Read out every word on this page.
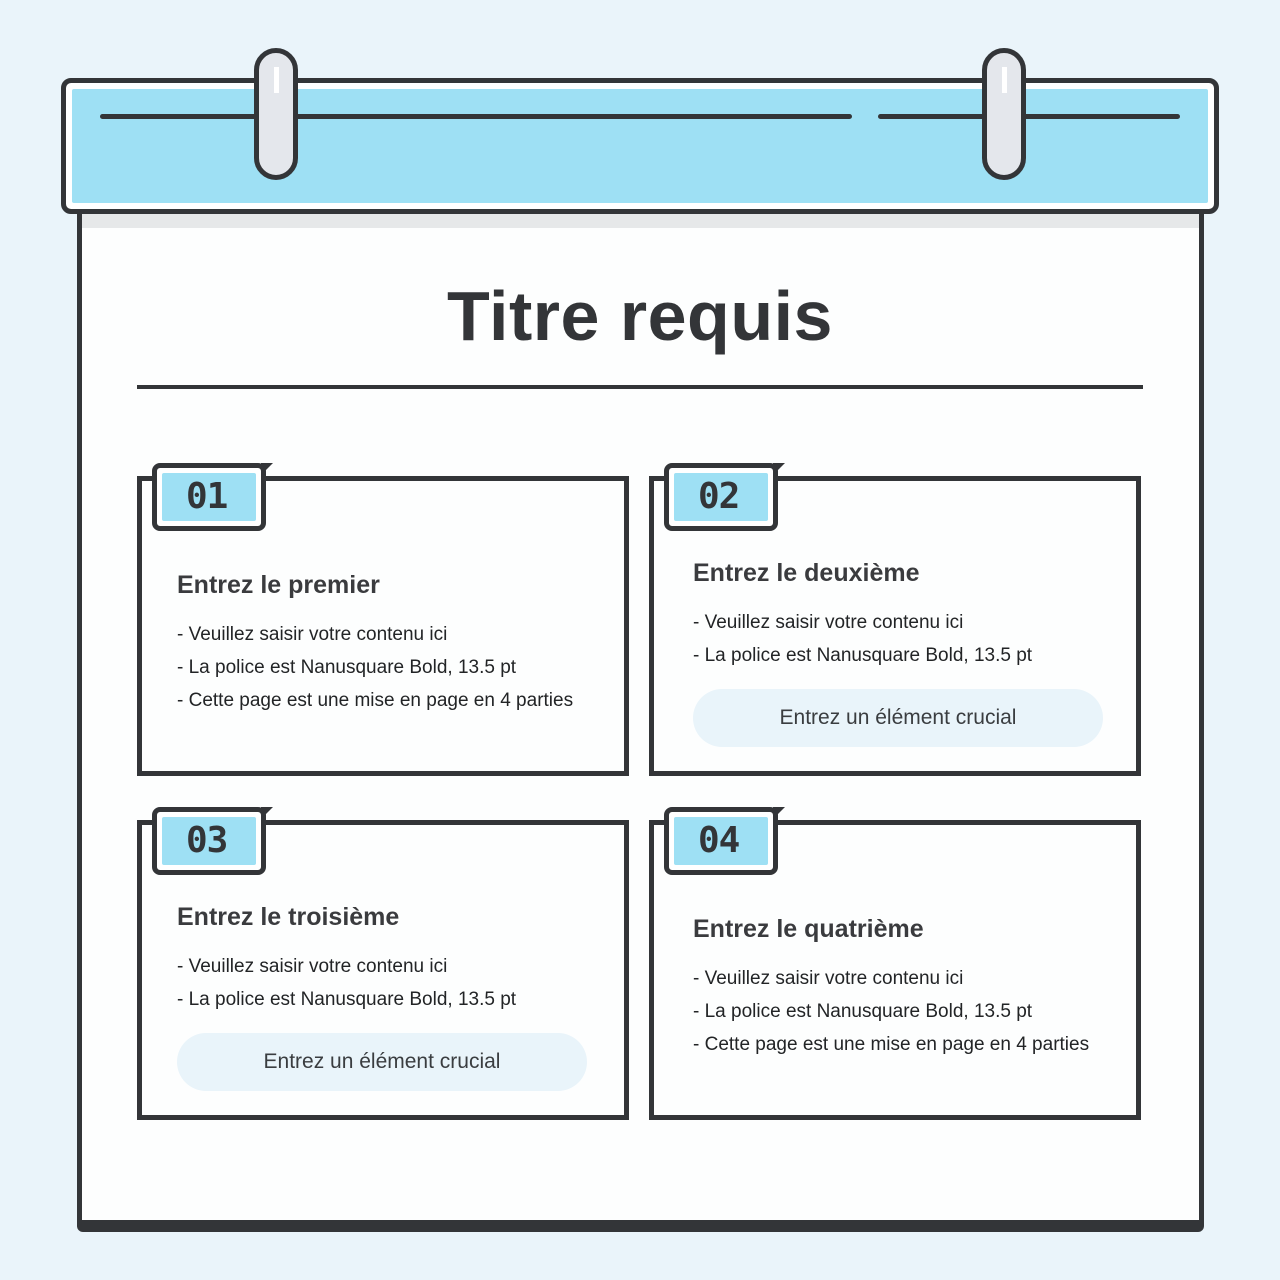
Titre requis
01
Entrez le premier
- Veuillez saisir votre contenu ici
- La police est Nanusquare Bold, 13.5 pt
- Cette page est une mise en page en 4 parties
02
Entrez le deuxième
- Veuillez saisir votre contenu ici
- La police est Nanusquare Bold, 13.5 pt
Entrez un élément crucial
03
Entrez le troisième
- Veuillez saisir votre contenu ici
- La police est Nanusquare Bold, 13.5 pt
Entrez un élément crucial
04
Entrez le quatrième
- Veuillez saisir votre contenu ici
- La police est Nanusquare Bold, 13.5 pt
- Cette page est une mise en page en 4 parties
